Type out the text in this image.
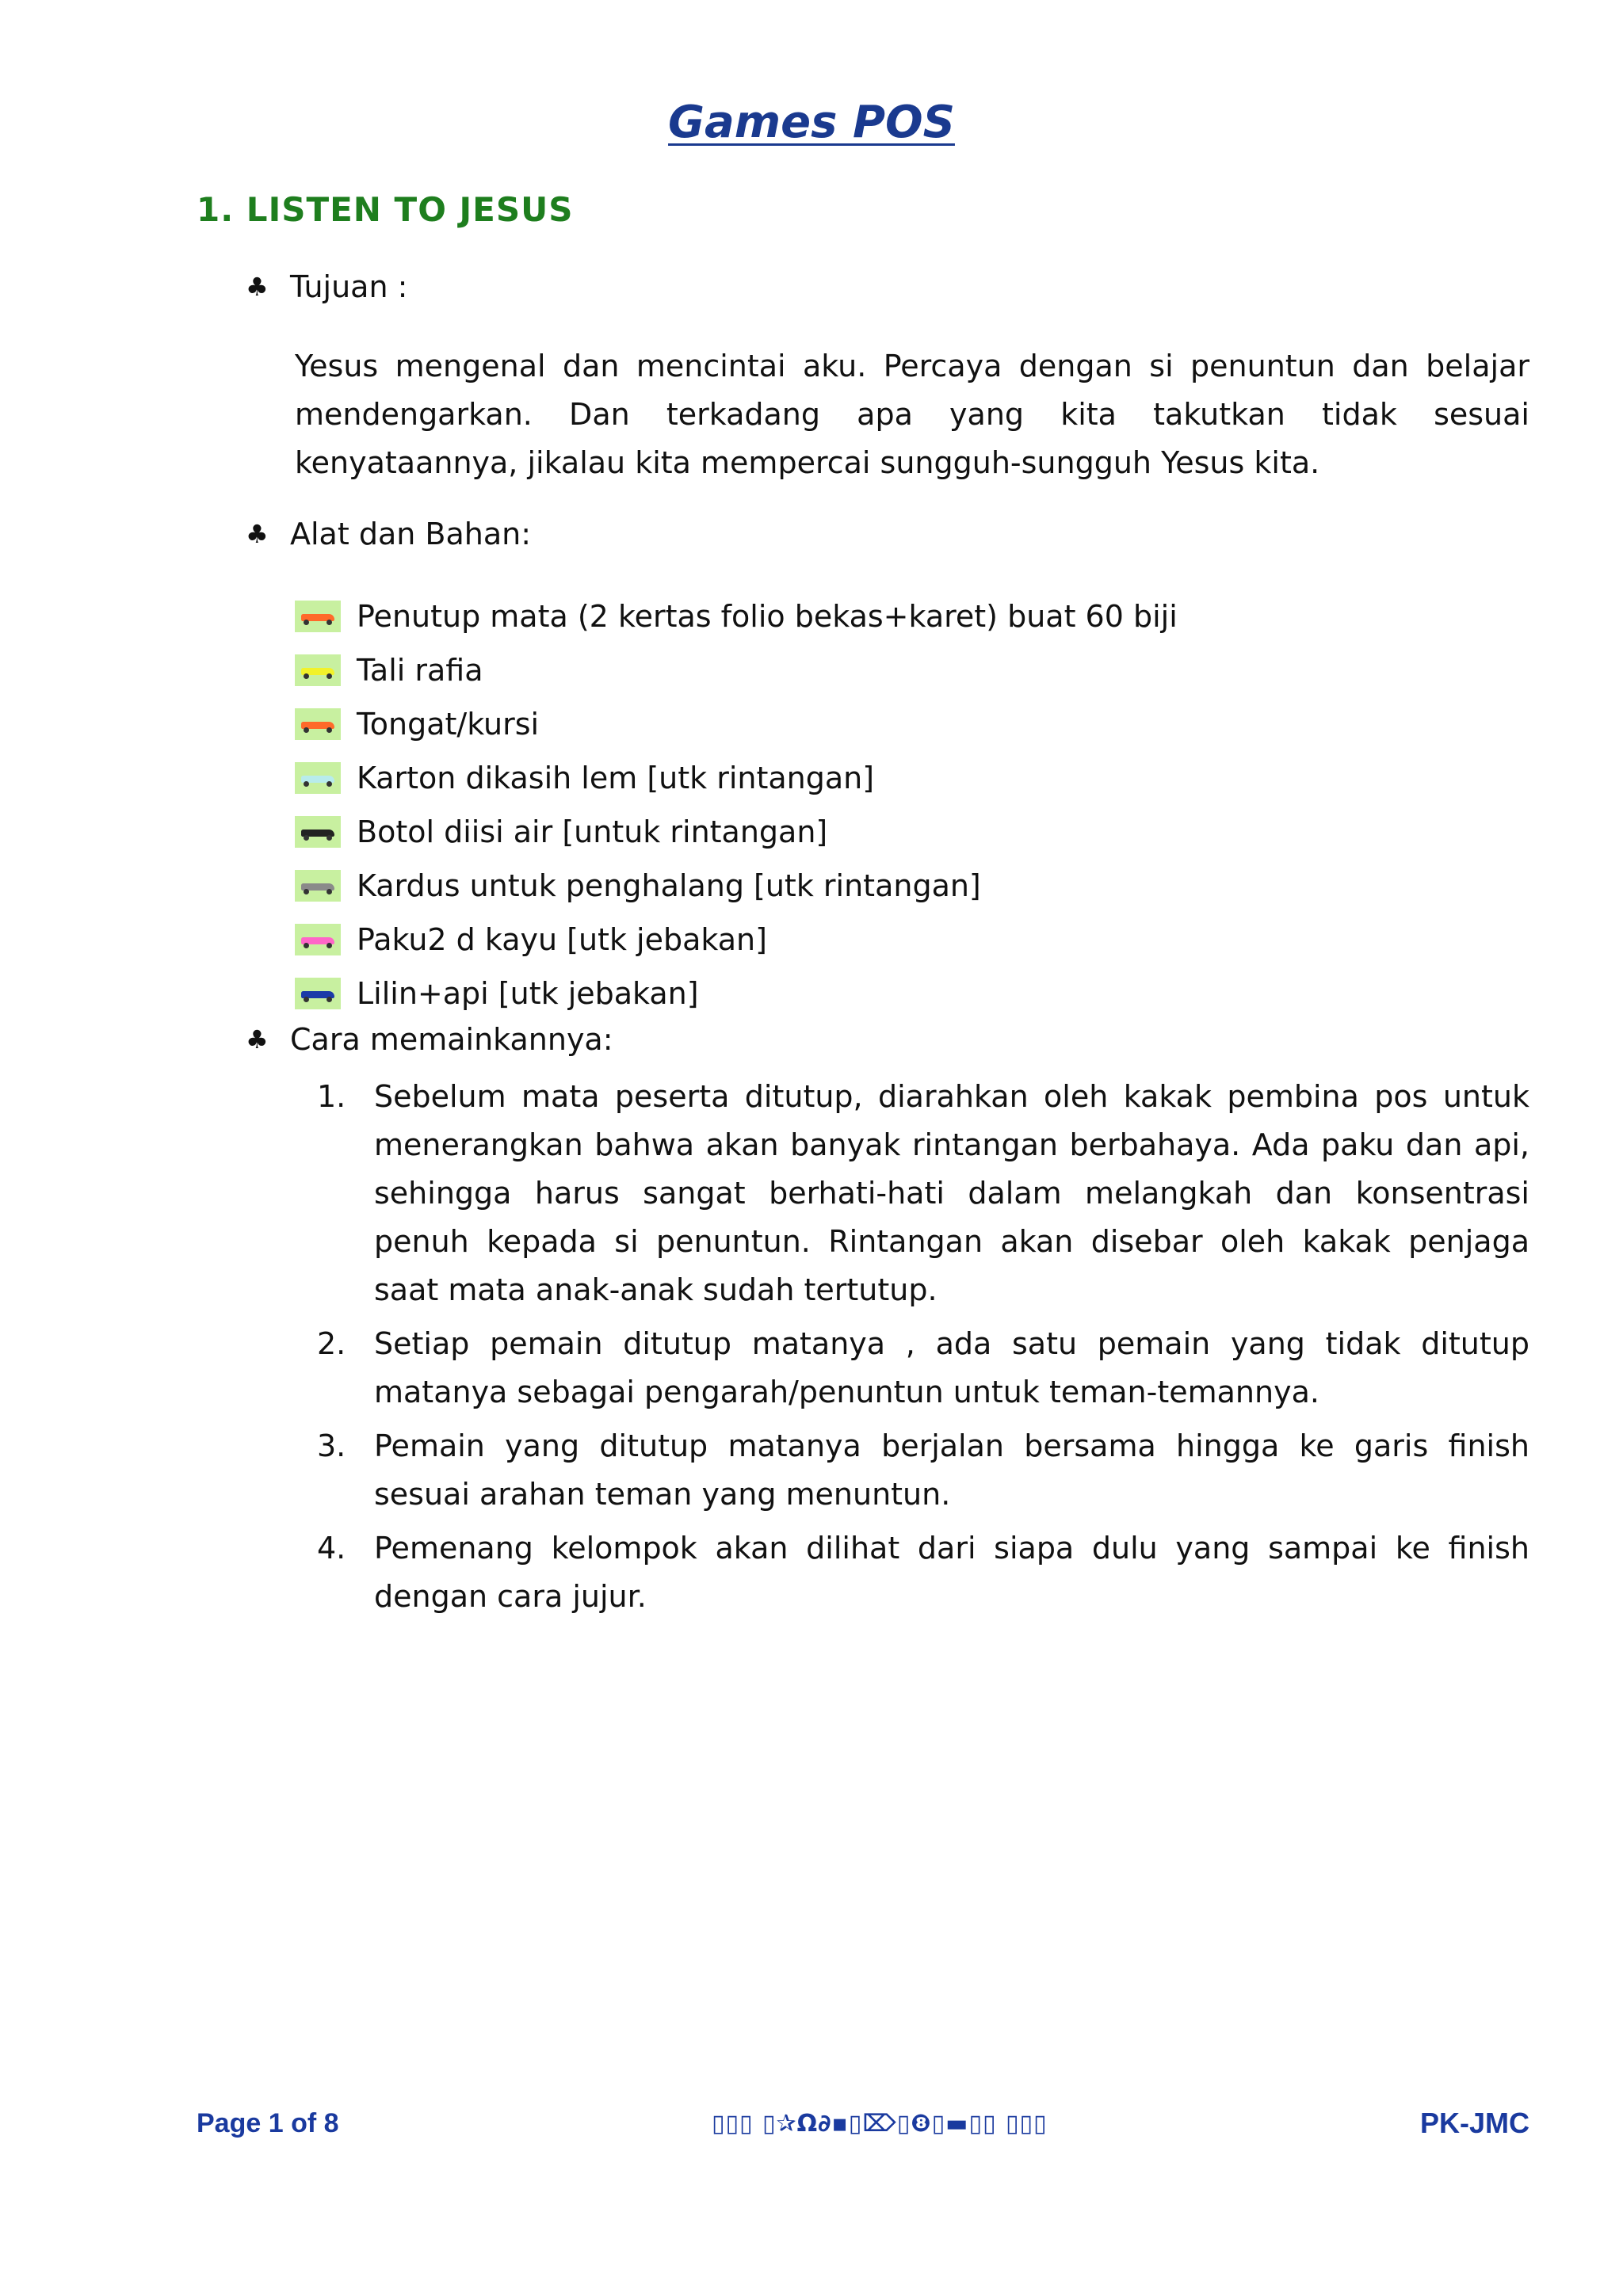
Games POS
1. LISTEN TO JESUS
♣ Tujuan :
Yesus mengenal dan mencintai aku. Percaya dengan si penuntun dan belajar mendengarkan. Dan terkadang apa yang kita takutkan tidak sesuai kenyataannya, jikalau kita mempercai sungguh-sungguh Yesus kita.
♣ Alat dan Bahan:
Penutup mata (2 kertas folio bekas+karet) buat 60 biji
Tali rafia
Tongat/kursi
Karton dikasih lem [utk rintangan]
Botol diisi air [untuk rintangan]
Kardus untuk penghalang [utk rintangan]
Paku2 d kayu [utk jebakan]
Lilin+api [utk jebakan]
♣ Cara memainkannya:
1. Sebelum mata peserta ditutup, diarahkan oleh kakak pembina pos untuk menerangkan bahwa akan banyak rintangan berbahaya. Ada paku dan api, sehingga harus sangat berhati-hati dalam melangkah dan konsentrasi penuh kepada si penuntun. Rintangan akan disebar oleh kakak penjaga saat mata anak-anak sudah tertutup.
2. Setiap pemain ditutup matanya , ada satu pemain yang tidak ditutup matanya sebagai pengarah/penuntun untuk teman-temannya.
3. Pemain yang ditutup matanya berjalan bersama hingga ke garis finish sesuai arahan teman yang menuntun.
4. Pemenang kelompok akan dilihat dari siapa dulu yang sampai ke finish dengan cara jujur.
Page 1 of 8	▯▯▯ ▯✰Ω∂▪▯⌦▯❽▯▬▯▯ ▯▯▯	PK-JMC
